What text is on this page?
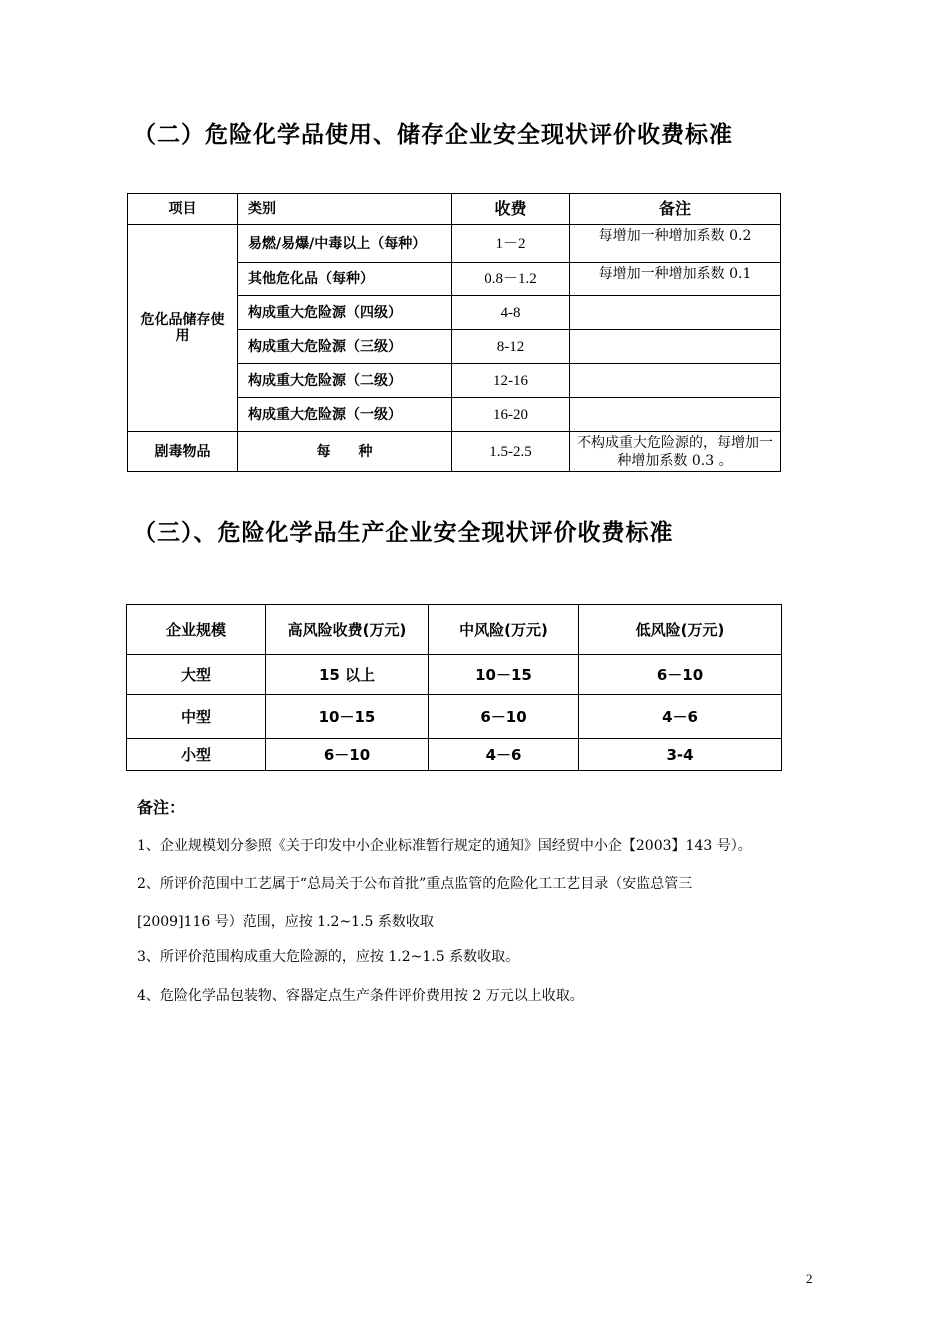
（二）危险化学品使用、储存企业安全现状评价收费标准
项目	类别	收费	备注
危化品储存使用	易燃/易爆/中毒以上（每种）	1－2	每增加一种增加系数 0.2
	其他危化品（每种）	0.8－1.2	每增加一种增加系数 0.1
	构成重大危险源（四级）	4-8	
	构成重大危险源（三级）	8-12	
	构成重大危险源（二级）	12-16	
	构成重大危险源（一级）	16-20	
剧毒物品	每　　种	1.5-2.5	不构成重大危险源的，每增加一种增加系数 0.3 。
（三）、危险化学品生产企业安全现状评价收费标准
企业规模	高风险收费(万元)	中风险(万元)	低风险(万元)
大型	15 以上	10－15	6－10
中型	10－15	6－10	4－6
小型	6－10	4－6	3-4
备注：
1、企业规模划分参照《关于印发中小企业标准暂行规定的通知》国经贸中小企【2003】143 号）。
2、所评价范围中工艺属于“总局关于公布首批”重点监管的危险化工工艺目录（安监总管三
[2009]116 号）范围，应按 1.2~1.5 系数收取
3、所评价范围构成重大危险源的，应按 1.2~1.5 系数收取。
4、危险化学品包装物、容器定点生产条件评价费用按 2 万元以上收取。
2
